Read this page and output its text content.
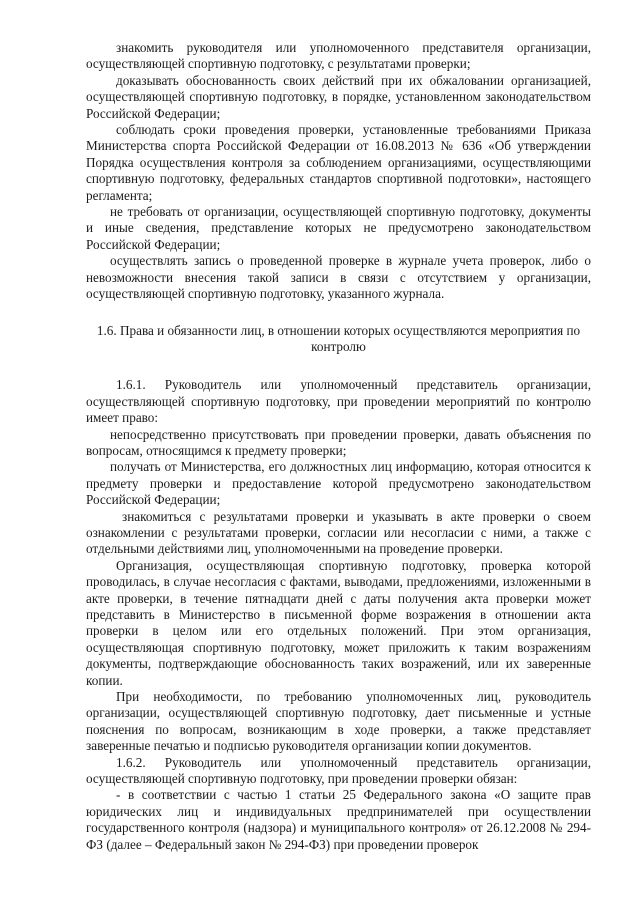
знакомить руководителя или уполномоченного представителя организации, осуществляющей спортивную подготовку, с результатами проверки;

доказывать обоснованность своих действий при их обжаловании организацией, осуществляющей спортивную подготовку, в порядке, установленном законодательством Российской Федерации;

соблюдать сроки проведения проверки, установленные требованиями Приказа Министерства спорта Российской Федерации от 16.08.2013 № 636 «Об утверждении Порядка осуществления контроля за соблюдением организациями, осуществляющими спортивную подготовку, федеральных стандартов спортивной подготовки», настоящего регламента;

не требовать от организации, осуществляющей спортивную подготовку, документы и иные сведения, представление которых не предусмотрено законодательством Российской Федерации;

осуществлять запись о проведенной проверке в журнале учета проверок, либо о невозможности внесения такой записи в связи с отсутствием у организации, осуществляющей спортивную подготовку, указанного журнала.

1.6. Права и обязанности лиц, в отношении которых осуществляются мероприятия по контролю

1.6.1. Руководитель или уполномоченный представитель организации, осуществляющей спортивную подготовку, при проведении мероприятий по контролю имеет право:

непосредственно присутствовать при проведении проверки, давать объяснения по вопросам, относящимся к предмету проверки;

получать от Министерства, его должностных лиц информацию, которая относится к предмету проверки и предоставление которой предусмотрено законодательством Российской Федерации;

знакомиться с результатами проверки и указывать в акте проверки о своем ознакомлении с результатами проверки, согласии или несогласии с ними, а также с отдельными действиями лиц, уполномоченными на проведение проверки.

Организация, осуществляющая спортивную подготовку, проверка которой проводилась, в случае несогласия с фактами, выводами, предложениями, изложенными в акте проверки, в течение пятнадцати дней с даты получения акта проверки может представить в Министерство в письменной форме возражения в отношении акта проверки в целом или его отдельных положений. При этом организация, осуществляющая спортивную подготовку, может приложить к таким возражениям документы, подтверждающие обоснованность таких возражений, или их заверенные копии.

При необходимости, по требованию уполномоченных лиц, руководитель организации, осуществляющей спортивную подготовку, дает письменные и устные пояснения по вопросам, возникающим в ходе проверки, а также представляет заверенные печатью и подписью руководителя организации копии документов.

1.6.2. Руководитель или уполномоченный представитель организации, осуществляющей спортивную подготовку, при проведении проверки обязан:

- в соответствии с частью 1 статьи 25 Федерального закона «О защите прав юридических лиц и индивидуальных предпринимателей при осуществлении государственного контроля (надзора) и муниципального контроля» от 26.12.2008 № 294-ФЗ (далее – Федеральный закон № 294-ФЗ) при проведении проверок
